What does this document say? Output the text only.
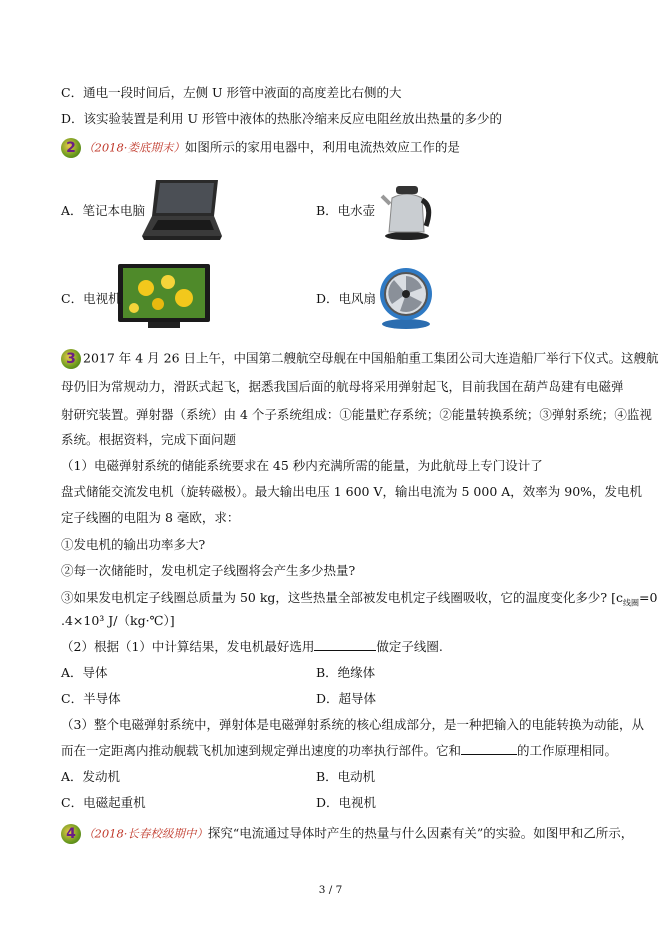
C．通电一段时间后，左侧 U 形管中液面的高度差比右侧的大
D．该实验装置是利用 U 形管中液体的热胀冷缩来反应电阻丝放出热量的多少的
2 （2018·娄底期末）如图所示的家用电器中，利用电流热效应工作的是
A．笔记本电脑	B．电水壶
C．电视机	D．电风扇
3 2017 年 4 月 26 日上午，中国第二艘航空母舰在中国船舶重工集团公司大连造船厂举行下仪式。这艘航
母仍旧为常规动力，滑跃式起飞，据悉我国后面的航母将采用弹射起飞，目前我国在葫芦岛建有电磁弹
射研究装置。弹射器（系统）由 4 个子系统组成：①能量贮存系统；②能量转换系统；③弹射系统；④监视
系统。根据资料，完成下面问题
（1）电磁弹射系统的储能系统要求在 45 秒内充满所需的能量，为此航母上专门设计了
盘式储能交流发电机（旋转磁极）。最大输出电压 1 600 V，输出电流为 5 000 A，效率为 90%，发电机
定子线圈的电阻为 8 毫欧，求：
①发电机的输出功率多大?
②每一次储能时，发电机定子线圈将会产生多少热量?
③如果发电机定子线圈总质量为 50 kg，这些热量全部被发电机定子线圈吸收，它的温度变化多少? [$c_{线圈}=0$
.4×10³ J/（kg·℃）]
（2）根据（1）中计算结果，发电机最好选用	做定子线圈.
A．导体	B．绝缘体
C．半导体	D．超导体
（3）整个电磁弹射系统中，弹射体是电磁弹射系统的核心组成部分，是一种把输入的电能转换为动能，从
而在一定距离内推动舰载飞机加速到规定弹出速度的功率执行部件。它和	的工作原理相同。
A．发动机	B．电动机
C．电磁起重机	D．电视机
4 （2018·长春校级期中）探究“电流通过导体时产生的热量与什么因素有关”的实验。如图甲和乙所示，
3 / 7
